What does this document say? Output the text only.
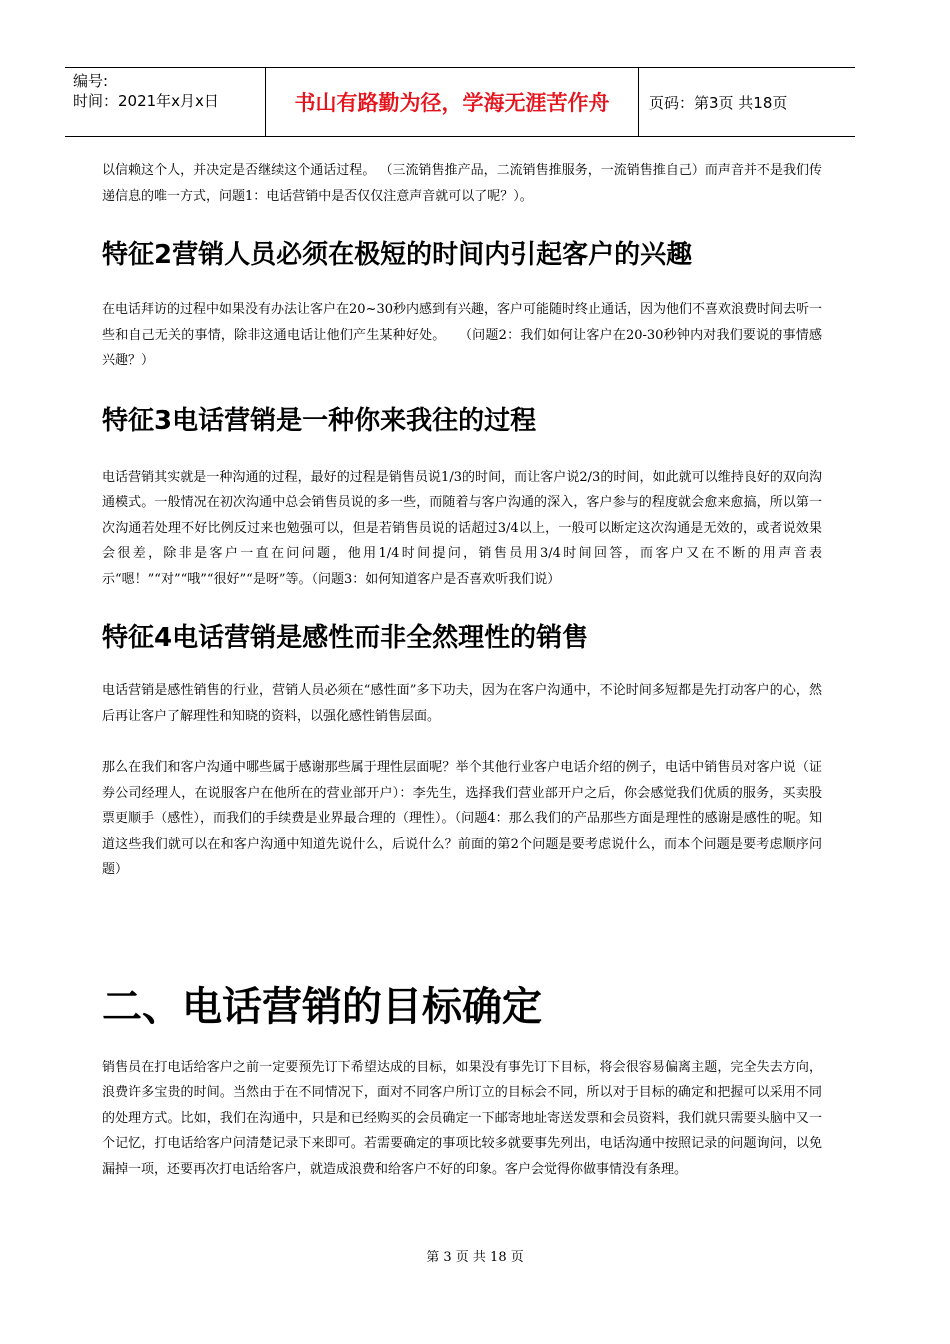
编号:
时间：2021年x月x日	书山有路勤为径，学海无涯苦作舟	页码：第3页 共18页

以信赖这个人，并决定是否继续这个通话过程。 （三流销售推产品，二流销售推服务，一流销售推自己）而声音并不是我们传递信息的唯一方式，问题1：电话营销中是否仅仅注意声音就可以了呢？）。

特征2营销人员必须在极短的时间内引起客户的兴趣

在电话拜访的过程中如果没有办法让客户在20~30秒内感到有兴趣，客户可能随时终止通话，因为他们不喜欢浪费时间去听一些和自己无关的事情，除非这通电话让他们产生某种好处。　　（问题2：我们如何让客户在20-30秒钟内对我们要说的事情感兴趣？）

特征3电话营销是一种你来我往的过程

电话营销其实就是一种沟通的过程，最好的过程是销售员说1/3的时间，而让客户说2/3的时间，如此就可以维持良好的双向沟通模式。一般情况在初次沟通中总会销售员说的多一些，而随着与客户沟通的深入，客户参与的程度就会愈来愈搞，所以第一次沟通若处理不好比例反过来也勉强可以，但是若销售员说的话超过3/4以上，一般可以断定这次沟通是无效的，或者说效果会很差，除非是客户一直在问问题，他用1/4时间提问，销售员用3/4时间回答，而客户又在不断的用声音表示“嗯！”“对”“哦”“很好”“是呀”等。（问题3：如何知道客户是否喜欢听我们说）

特征4电话营销是感性而非全然理性的销售

电话营销是感性销售的行业，营销人员必须在“感性面”多下功夫，因为在客户沟通中，不论时间多短都是先打动客户的心，然后再让客户了解理性和知晓的资料，以强化感性销售层面。

那么在我们和客户沟通中哪些属于感谢那些属于理性层面呢？举个其他行业客户电话介绍的例子，电话中销售员对客户说（证券公司经理人，在说服客户在他所在的营业部开户）：李先生，选择我们营业部开户之后，你会感觉我们优质的服务，买卖股票更顺手（感性），而我们的手续费是业界最合理的（理性）。（问题4：那么我们的产品那些方面是理性的感谢是感性的呢。知道这些我们就可以在和客户沟通中知道先说什么，后说什么？前面的第2个问题是要考虑说什么，而本个问题是要考虑顺序问题）

二、电话营销的目标确定

销售员在打电话给客户之前一定要预先订下希望达成的目标，如果没有事先订下目标，将会很容易偏离主题，完全失去方向，浪费许多宝贵的时间。当然由于在不同情况下，面对不同客户所订立的目标会不同，所以对于目标的确定和把握可以采用不同的处理方式。比如，我们在沟通中，只是和已经购买的会员确定一下邮寄地址寄送发票和会员资料，我们就只需要头脑中又一个记忆，打电话给客户问清楚记录下来即可。若需要确定的事项比较多就要事先列出，电话沟通中按照记录的问题询问，以免漏掉一项，还要再次打电话给客户，就造成浪费和给客户不好的印象。客户会觉得你做事情没有条理。

第 3 页 共 18 页
